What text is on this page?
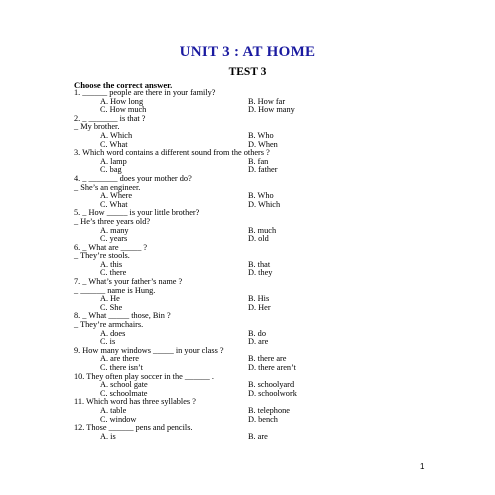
UNIT 3 : AT HOME
TEST 3
Choose the correct answer.
1. ______ people are there in your family?
A. How long	B. How far
C. How much	D. How many
2. _ _______ is that ?
_ My brother.
A. Which	B. Who
C. What	D. When
3. Which word contains a different sound from the others ?
A. lamp	B. fan
C. bag	D. father
4. _ _______ does your mother do?
_ She’s an engineer.
A. Where	B. Who
C. What	D. Which
5. _ How _____ is your little brother?
_ He’s three years old?
A. many	B. much
C. years	D. old
6. _ What are _____ ?
_ They’re stools.
A. this	B. that
C. there	D. they
7. _ What’s your father’s name ?
_ ______ name is Hung.
A. He	B. His
C. She	D. Her
8. _ What _____ those, Bin ?
_ They’re armchairs.
A. does	B. do
C. is	D. are
9. How many windows _____ in your class ?
A. are there	B. there are
C. there isn’t	D. there aren’t
10. They often play soccer in the ______ .
A. school gate	B. schoolyard
C. schoolmate	D. schoolwork
11. Which word has three syllables ?
A. table	B. telephone
C. window	D. bench
12. Those ______ pens and pencils.
A. is	B. are
1
